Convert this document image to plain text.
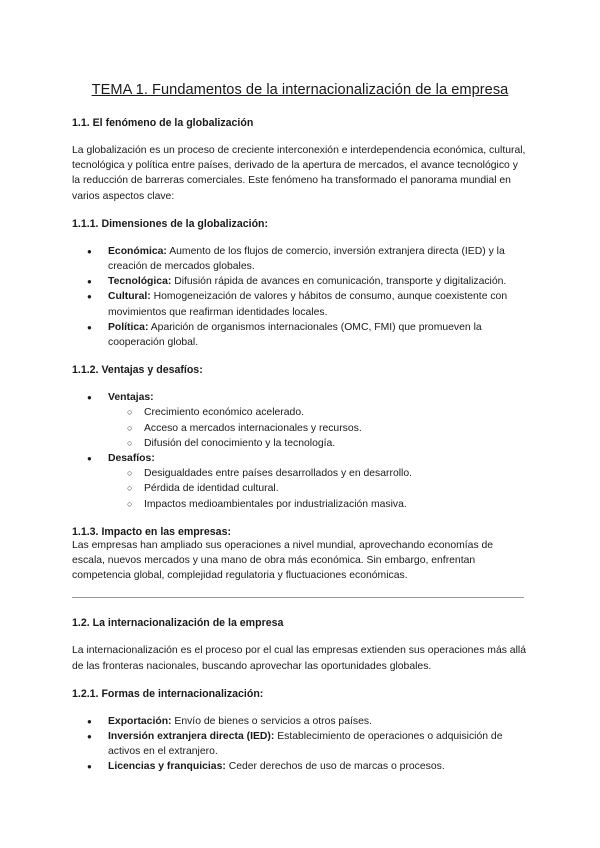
TEMA 1. Fundamentos de la internacionalización de la empresa
1.1. El fenómeno de la globalización

La globalización es un proceso de creciente interconexión e interdependencia económica, cultural, tecnológica y política entre países, derivado de la apertura de mercados, el avance tecnológico y la reducción de barreras comerciales. Este fenómeno ha transformado el panorama mundial en varios aspectos clave:

1.1.1. Dimensiones de la globalización:
● Económica: Aumento de los flujos de comercio, inversión extranjera directa (IED) y la creación de mercados globales.
● Tecnológica: Difusión rápida de avances en comunicación, transporte y digitalización.
● Cultural: Homogeneización de valores y hábitos de consumo, aunque coexistente con movimientos que reafirman identidades locales.
● Política: Aparición de organismos internacionales (OMC, FMI) que promueven la cooperación global.
1.1.2. Ventajas y desafíos:
● Ventajas:
○ Crecimiento económico acelerado.
○ Acceso a mercados internacionales y recursos.
○ Difusión del conocimiento y la tecnología.
● Desafíos:
○ Desigualdades entre países desarrollados y en desarrollo.
○ Pérdida de identidad cultural.
○ Impactos medioambientales por industrialización masiva.
1.1.3. Impacto en las empresas:

Las empresas han ampliado sus operaciones a nivel mundial, aprovechando economías de escala, nuevos mercados y una mano de obra más económica. Sin embargo, enfrentan competencia global, complejidad regulatoria y fluctuaciones económicas.

1.2. La internacionalización de la empresa

La internacionalización es el proceso por el cual las empresas extienden sus operaciones más allá de las fronteras nacionales, buscando aprovechar las oportunidades globales.

1.2.1. Formas de internacionalización:
● Exportación: Envío de bienes o servicios a otros países.
● Inversión extranjera directa (IED): Establecimiento de operaciones o adquisición de activos en el extranjero.
● Licencias y franquicias: Ceder derechos de uso de marcas o procesos.
